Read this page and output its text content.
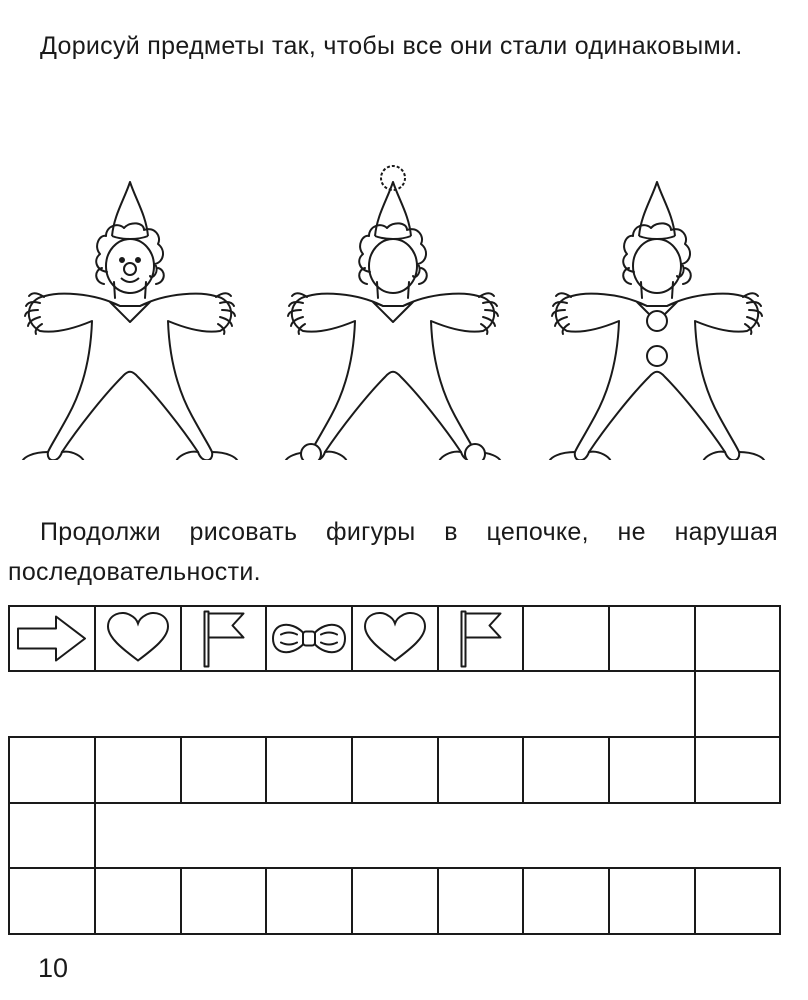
Дорисуй предметы так, чтобы все они стали одинаковыми.

Продолжи рисовать фигуры в цепочке, не нарушая последовательности.

10
